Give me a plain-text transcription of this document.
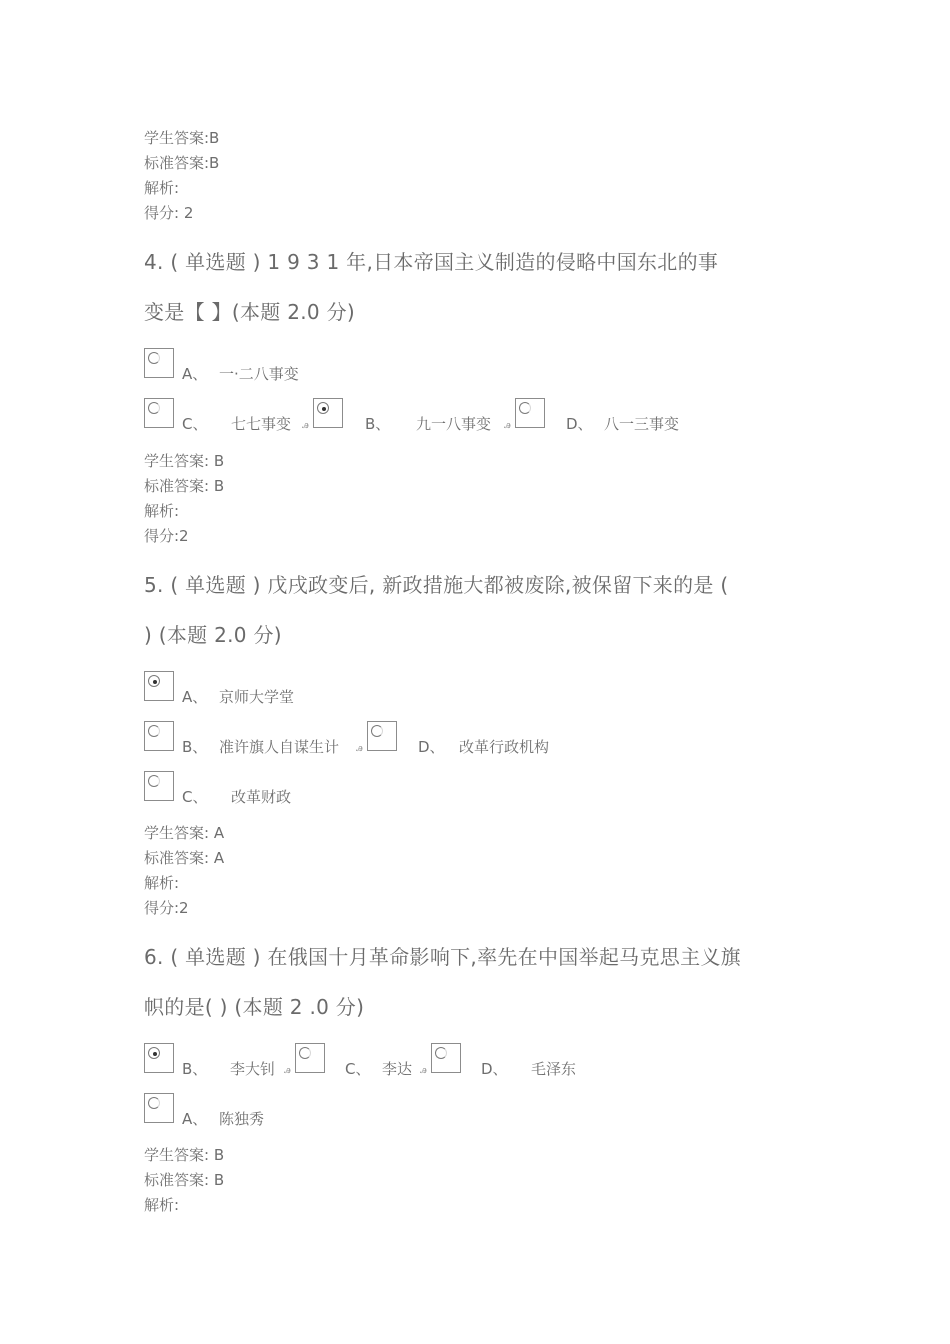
学生答案:B
标准答案:B
解析:
得分: 2
4. ( 单选题 ) 1 9 3 1 年,日本帝国主义制造的侵略中国东北的事
变是【 】(本题 2.0 分)
A、 一·二八事变
C、 七七事变 ꭿ	B、 九一八事变 ꭿ	D、 八一三事变
学生答案: B
标准答案: B
解析:
得分:2
5. ( 单选题 ) 戊戌政变后, 新政措施大都被废除,被保留下来的是 (
) (本题 2.0 分)
A、 京师大学堂
B、 准许旗人自谋生计 ꭿ	D、 改革行政机构
C、 改革财政
学生答案: A
标准答案: A
解析:
得分:2
6. ( 单选题 ) 在俄国十月革命影响下,率先在中国举起马克思主义旗
帜的是( ) (本题 2 .0 分)
B、 李大钊 ꭿ	C、 李达 ꭿ	D、 毛泽东
A、 陈独秀
学生答案: B
标准答案: B
解析:
